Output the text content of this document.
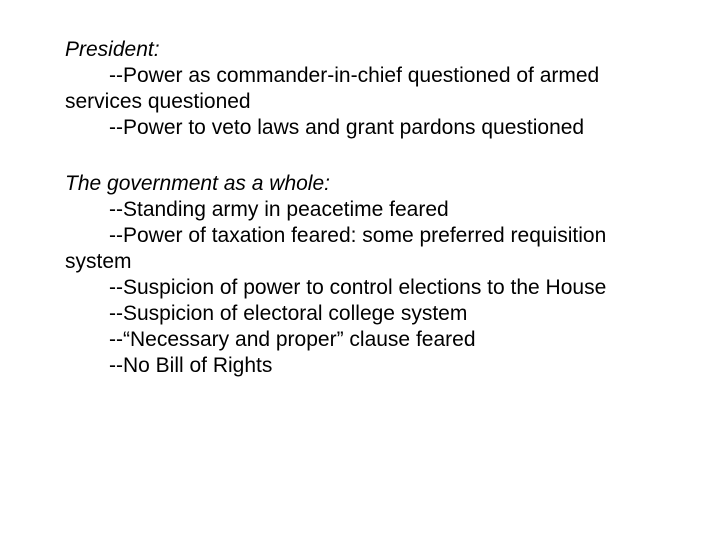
President:

--Power as commander-in-chief questioned of armed services questioned

--Power to veto laws and grant pardons questioned

The government as a whole:

--Standing army in peacetime feared

--Power of taxation feared: some preferred requisition system

--Suspicion of power to control elections to the House

--Suspicion of electoral college system

--“Necessary and proper” clause feared

--No Bill of Rights
